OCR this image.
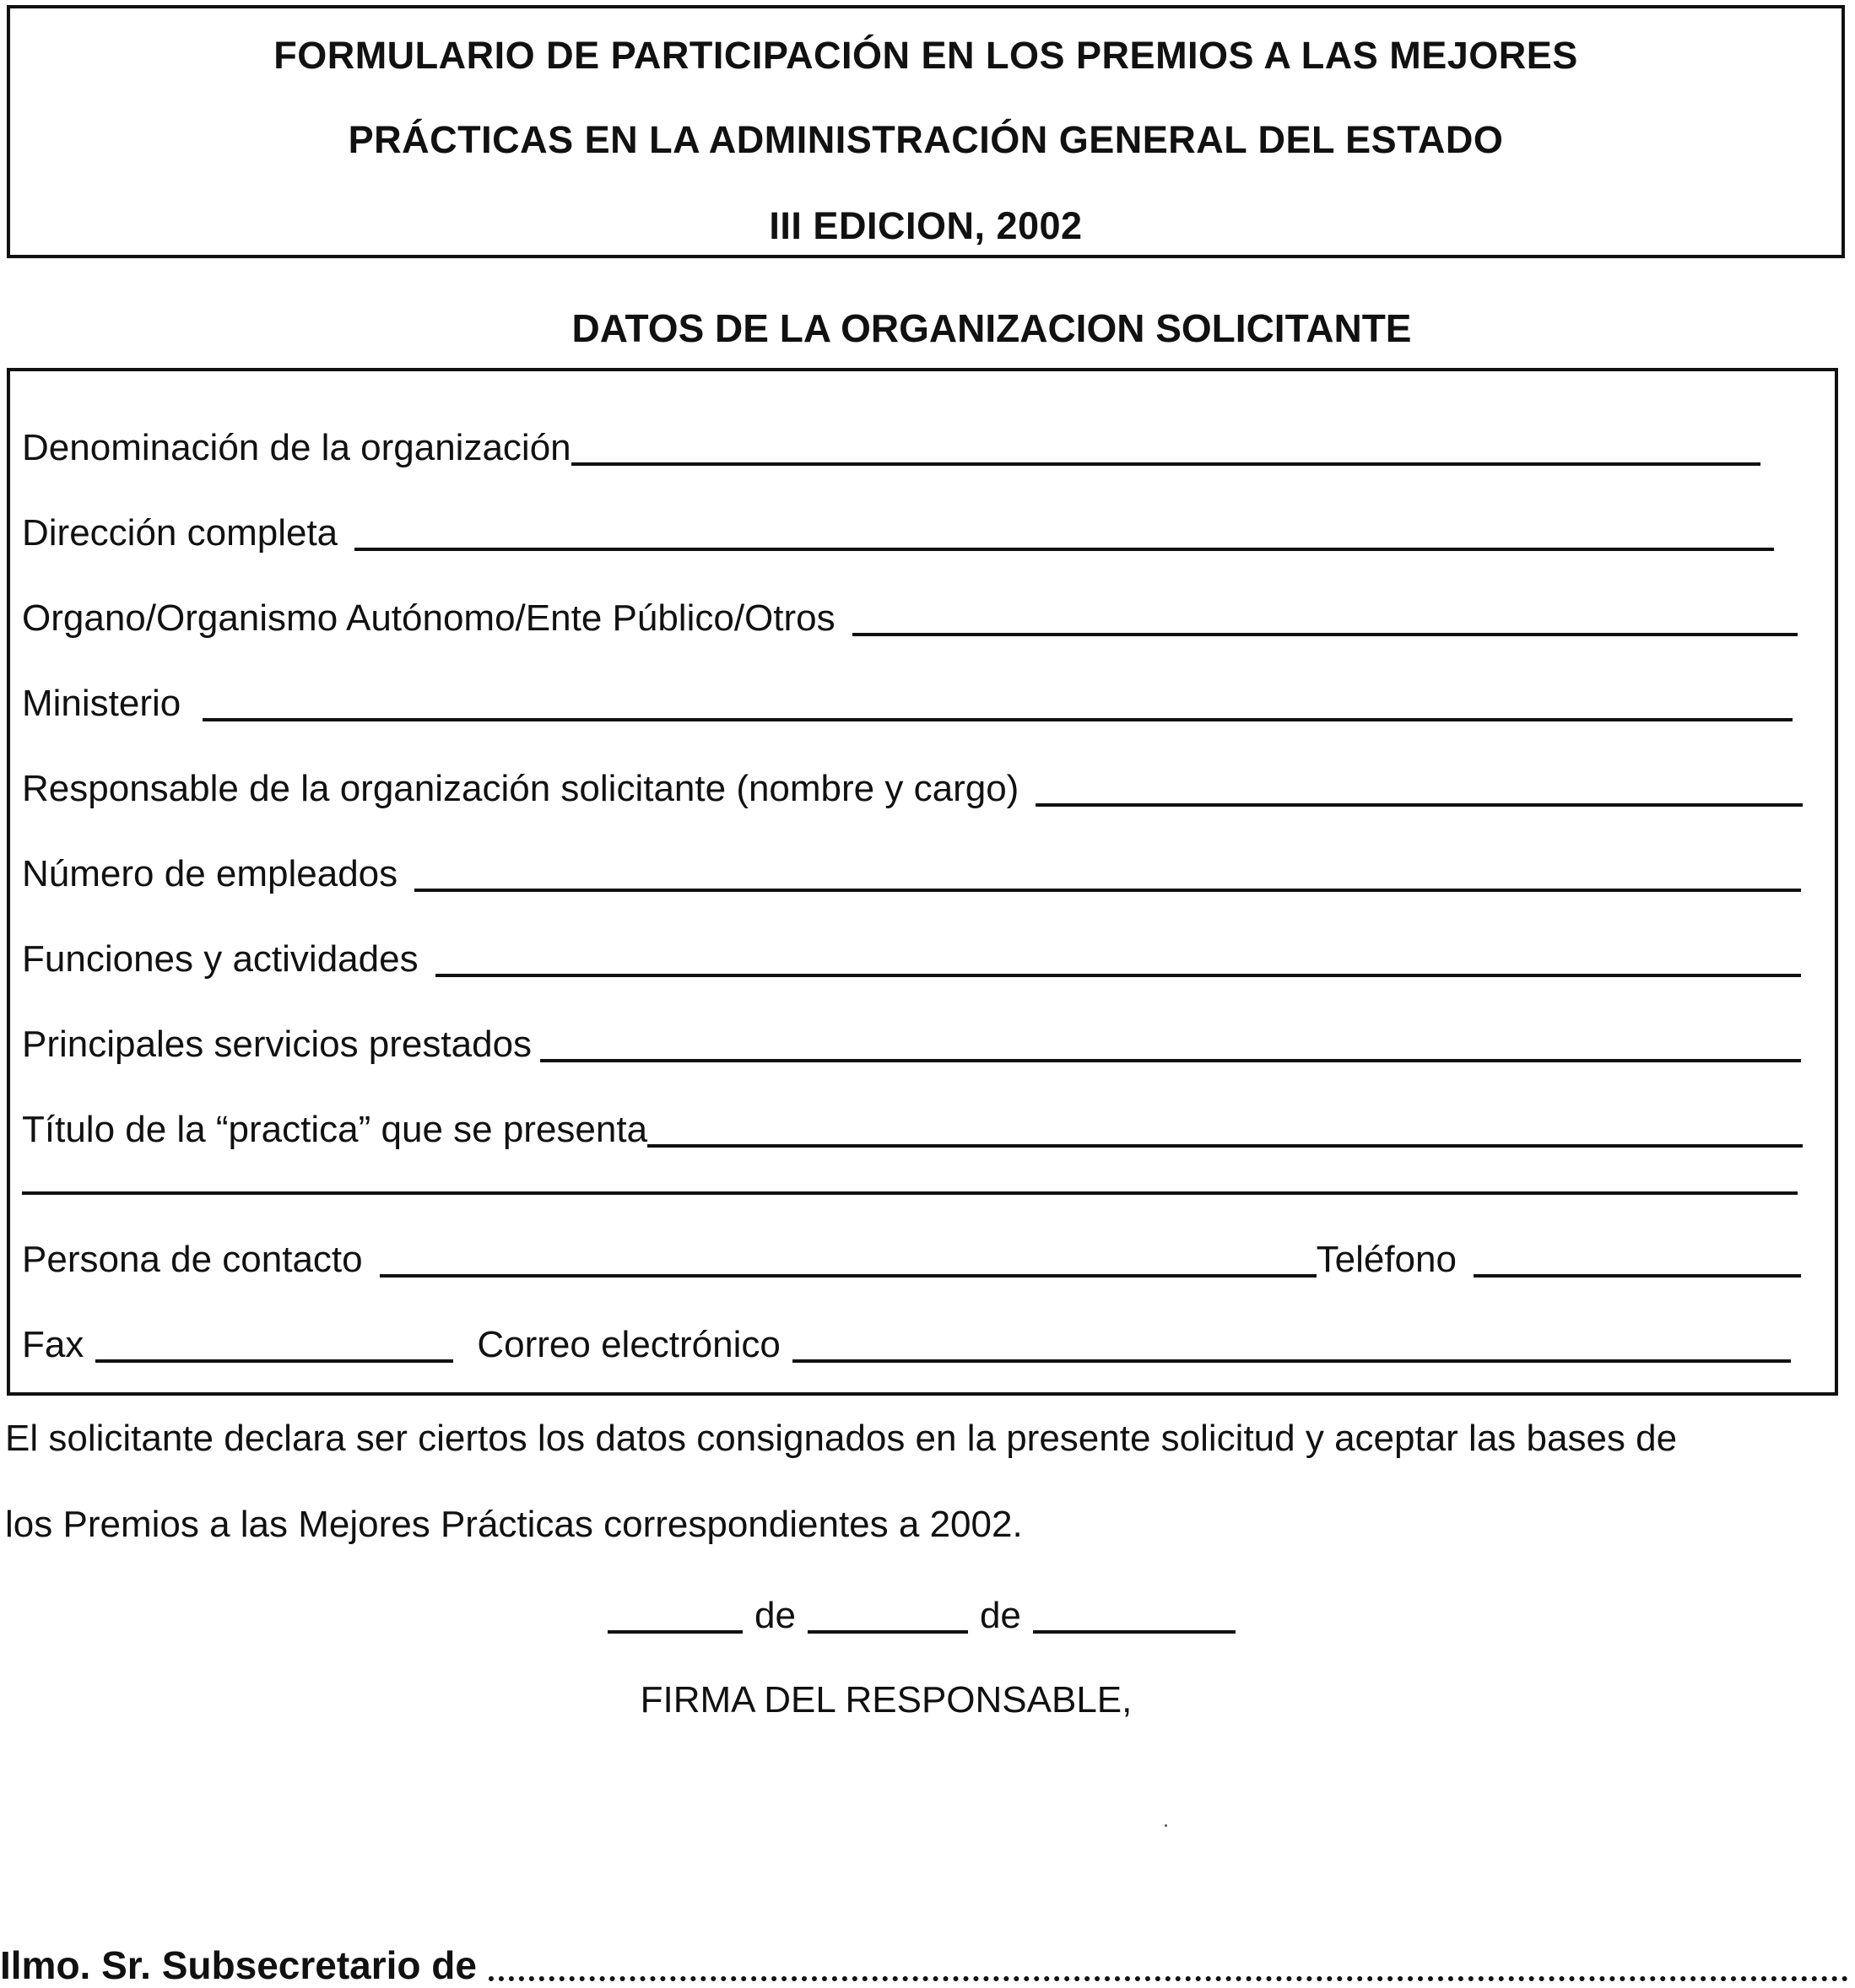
FORMULARIO DE PARTICIPACIÓN EN LOS PREMIOS A LAS MEJORES
PRÁCTICAS EN LA ADMINISTRACIÓN GENERAL DEL ESTADO
III EDICION, 2002
DATOS DE LA ORGANIZACION SOLICITANTE
Denominación de la organización
Dirección completa
Organo/Organismo Autónomo/Ente Público/Otros
Ministerio
Responsable de la organización solicitante (nombre y cargo)
Número de empleados
Funciones y actividades
Principales servicios prestados
Título de la “practica” que se presenta
Persona de contacto	Teléfono
Fax	Correo electrónico
El solicitante declara ser ciertos los datos consignados en la presente solicitud y aceptar las bases de
los Premios a las Mejores Prácticas correspondientes a 2002.
de	de
FIRMA DEL RESPONSABLE,
Ilmo. Sr. Subsecretario de
